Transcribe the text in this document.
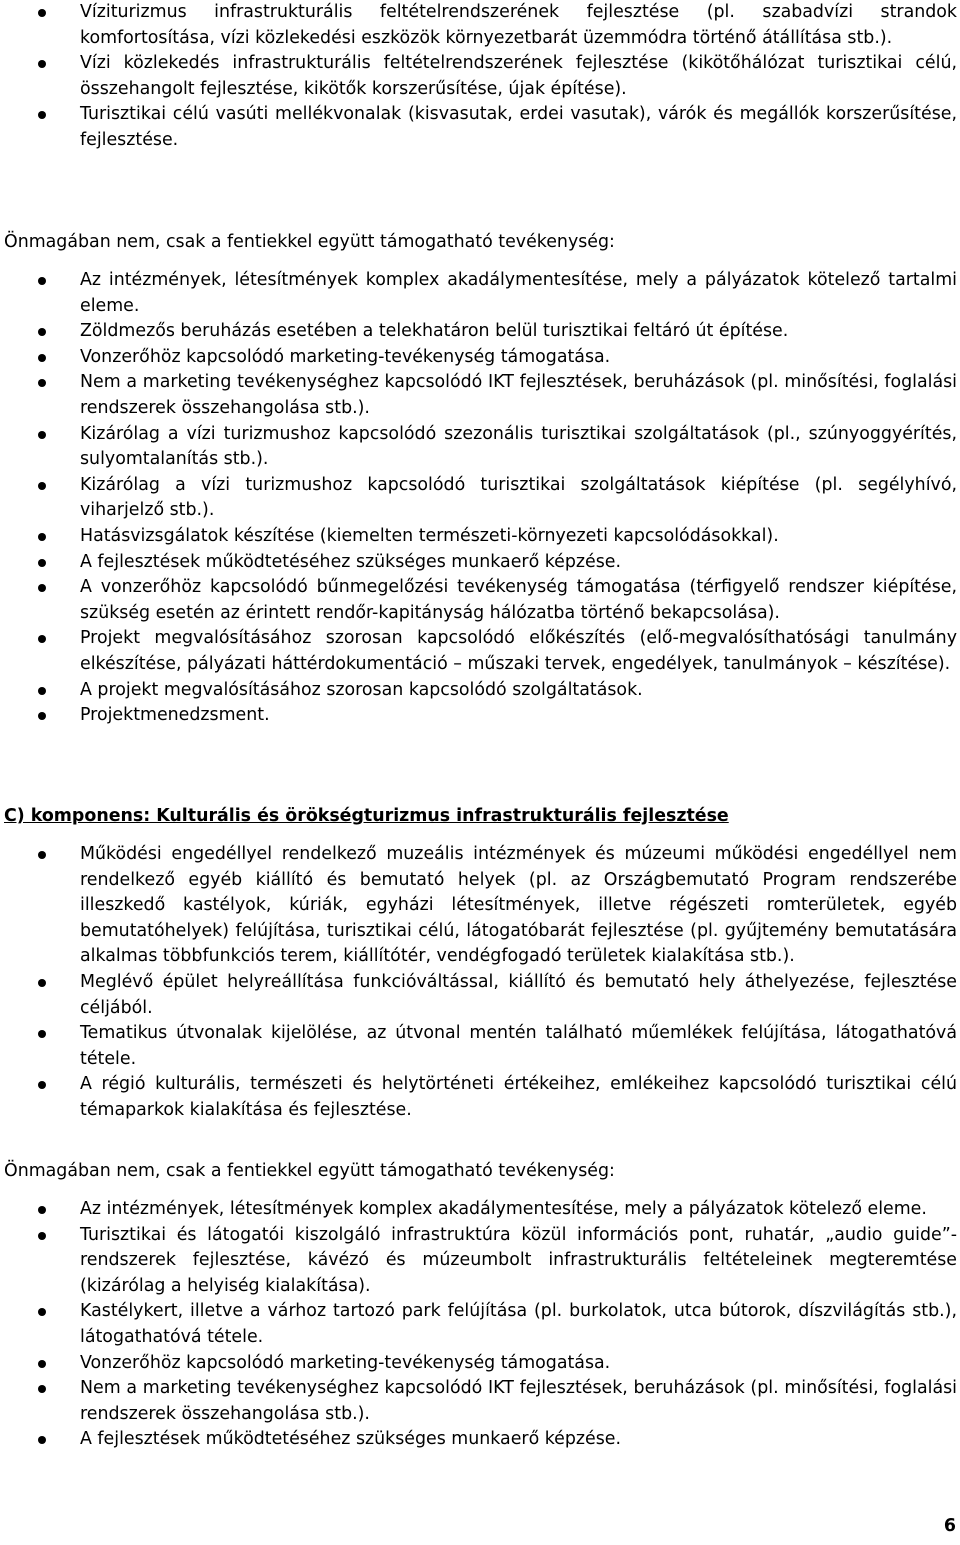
Víziturizmus infrastrukturális feltételrendszerének fejlesztése (pl. szabadvízi strandok komfortosítása, vízi közlekedési eszközök környezetbarát üzemmódra történő átállítása stb.).
Vízi közlekedés infrastrukturális feltételrendszerének fejlesztése (kikötőhálózat turisztikai célú, összehangolt fejlesztése, kikötők korszerűsítése, újak építése).
Turisztikai célú vasúti mellékvonalak (kisvasutak, erdei vasutak), várók és megállók korszerűsítése, fejlesztése.
Önmagában nem, csak a fentiekkel együtt támogatható tevékenység:
Az intézmények, létesítmények komplex akadálymentesítése, mely a pályázatok kötelező tartalmi eleme.
Zöldmezős beruházás esetében a telekhatáron belül turisztikai feltáró út építése.
Vonzerőhöz kapcsolódó marketing-tevékenység támogatása.
Nem a marketing tevékenységhez kapcsolódó IKT fejlesztések, beruházások (pl. minősítési, foglalási rendszerek összehangolása stb.).
Kizárólag a vízi turizmushoz kapcsolódó szezonális turisztikai szolgáltatások (pl., szúnyoggyérítés, sulyomtalanítás stb.).
Kizárólag a vízi turizmushoz kapcsolódó turisztikai szolgáltatások kiépítése (pl. segélyhívó, viharjelző stb.).
Hatásvizsgálatok készítése (kiemelten természeti-környezeti kapcsolódásokkal).
A fejlesztések működtetéséhez szükséges munkaerő képzése.
A vonzerőhöz kapcsolódó bűnmegelőzési tevékenység támogatása (térfigyelő rendszer kiépítése, szükség esetén az érintett rendőr-kapitányság hálózatba történő bekapcsolása).
Projekt megvalósításához szorosan kapcsolódó előkészítés (elő-megvalósíthatósági tanulmány elkészítése, pályázati háttérdokumentáció – műszaki tervek, engedélyek, tanulmányok – készítése).
A projekt megvalósításához szorosan kapcsolódó szolgáltatások.
Projektmenedzsment.
C) komponens: Kulturális és örökségturizmus infrastrukturális fejlesztése
Működési engedéllyel rendelkező muzeális intézmények és múzeumi működési engedéllyel nem rendelkező egyéb kiállító és bemutató helyek (pl. az Országbemutató Program rendszerébe illeszkedő kastélyok, kúriák, egyházi létesítmények, illetve régészeti romterületek, egyéb bemutatóhelyek) felújítása, turisztikai célú, látogatóbarát fejlesztése (pl. gyűjtemény bemutatására alkalmas többfunkciós terem, kiállítótér, vendégfogadó területek kialakítása stb.).
Meglévő épület helyreállítása funkcióváltással, kiállító és bemutató hely áthelyezése, fejlesztése céljából.
Tematikus útvonalak kijelölése, az útvonal mentén található műemlékek felújítása, látogathatóvá tétele.
A régió kulturális, természeti és helytörténeti értékeihez, emlékeihez kapcsolódó turisztikai célú témaparkok kialakítása és fejlesztése.
Önmagában nem, csak a fentiekkel együtt támogatható tevékenység:
Az intézmények, létesítmények komplex akadálymentesítése, mely a pályázatok kötelező eleme.
Turisztikai és látogatói kiszolgáló infrastruktúra közül információs pont, ruhatár, „audio guide”-rendszerek fejlesztése, kávézó és múzeumbolt infrastrukturális feltételeinek megteremtése (kizárólag a helyiség kialakítása).
Kastélykert, illetve a várhoz tartozó park felújítása (pl. burkolatok, utca bútorok, díszvilágítás stb.), látogathatóvá tétele.
Vonzerőhöz kapcsolódó marketing-tevékenység támogatása.
Nem a marketing tevékenységhez kapcsolódó IKT fejlesztések, beruházások (pl. minősítési, foglalási rendszerek összehangolása stb.).
A fejlesztések működtetéséhez szükséges munkaerő képzése.
6
